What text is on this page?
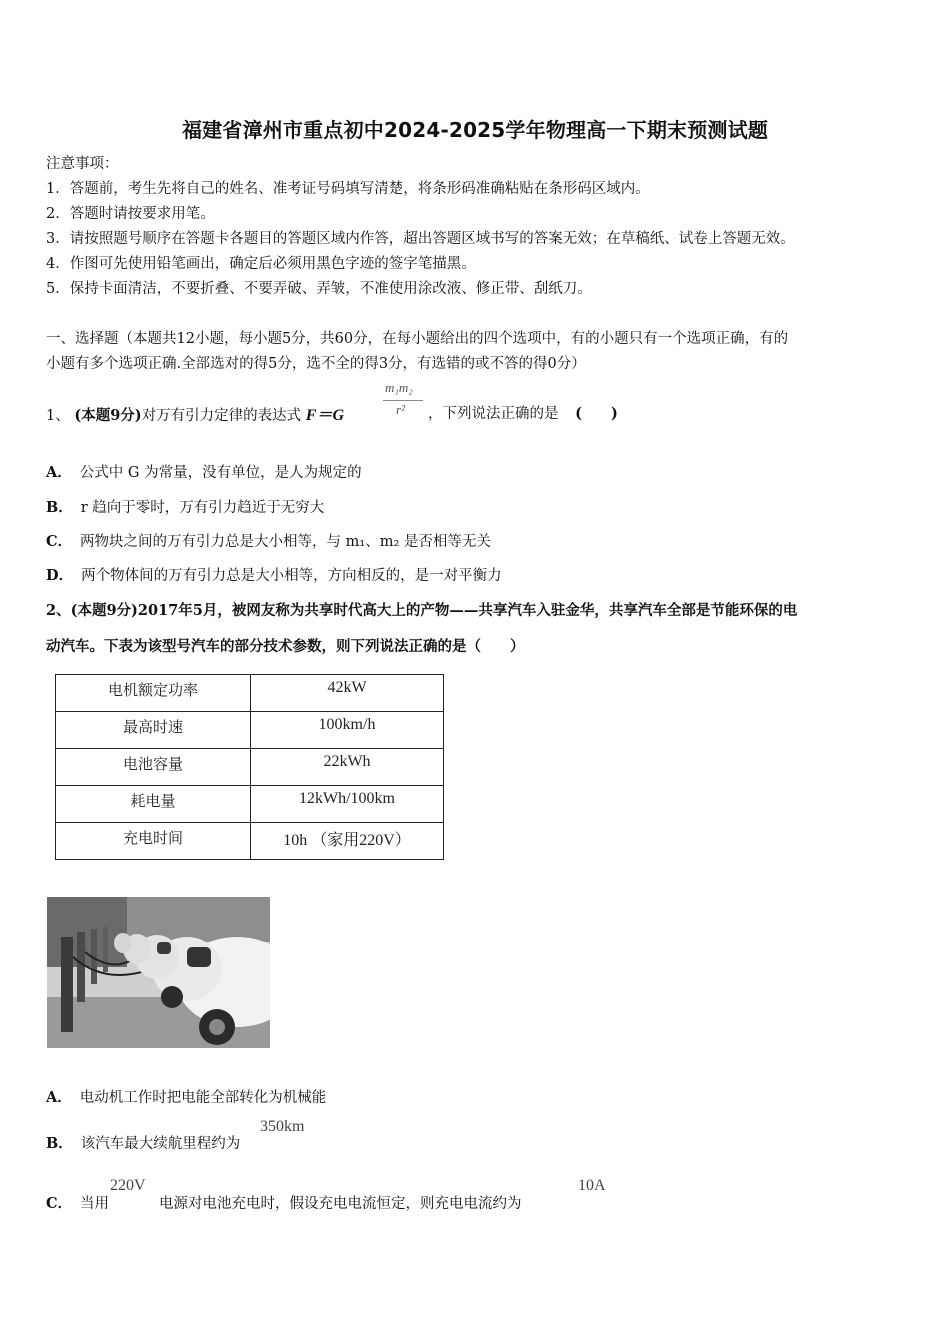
福建省漳州市重点初中2024-2025学年物理高一下期末预测试题
注意事项：
1．答题前，考生先将自己的姓名、准考证号码填写清楚，将条形码准确粘贴在条形码区域内。
2．答题时请按要求用笔。
3．请按照题号顺序在答题卡各题目的答题区域内作答，超出答题区域书写的答案无效；在草稿纸、试卷上答题无效。
4．作图可先使用铅笔画出，确定后必须用黑色字迹的签字笔描黑。
5．保持卡面清洁，不要折叠、不要弄破、弄皱，不准使用涂改液、修正带、刮纸刀。
一、选择题（本题共12小题，每小题5分，共60分，在每小题给出的四个选项中，有的小题只有一个选项正确，有的
小题有多个选项正确.全部选对的得5分，选不全的得3分，有选错的或不答的得0分）
1、 (本题9分)对万有引力定律的表达式 F＝G
m₁m₂
r² ，下列说法正确的是 (　　)
A． 公式中 G 为常量，没有单位，是人为规定的
B． r 趋向于零时，万有引力趋近于无穷大
C． 两物块之间的万有引力总是大小相等，与 m₁、m₂ 是否相等无关
D． 两个物体间的万有引力总是大小相等，方向相反的，是一对平衡力
2、(本题9分)2017年5月，被网友称为共享时代高大上的产物——共享汽车入驻金华，共享汽车全部是节能环保的电
动汽车。下表为该型号汽车的部分技术参数，则下列说法正确的是（　　）
电机额定功率	42kW
最高时速	100km/h
电池容量	22kWh
耗电量	12kWh/100km
充电时间	10h （家用220V）
A． 电动机工作时把电能全部转化为机械能
B． 该汽车最大续航里程约为
350km
C． 当用
220V
电源对电池充电时，假设充电电流恒定，则充电电流约为
10A
